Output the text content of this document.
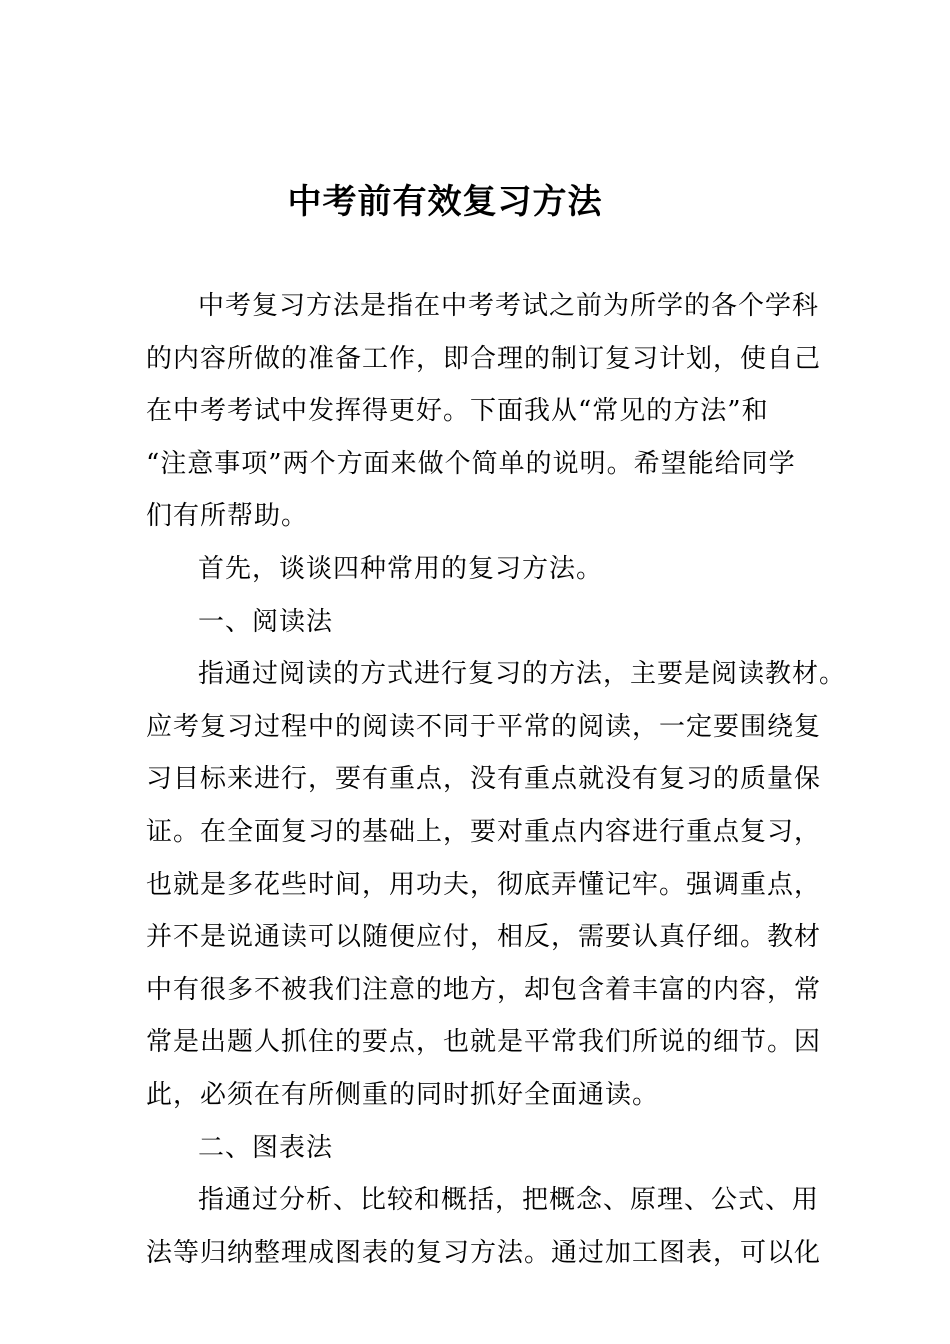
中考前有效复习方法
中考复习方法是指在中考考试之前为所学的各个学科
的内容所做的准备工作，即合理的制订复习计划，使自己
在中考考试中发挥得更好。下面我从“常见的方法”和
“注意事项”两个方面来做个简单的说明。希望能给同学
们有所帮助。
首先，谈谈四种常用的复习方法。
一、阅读法
指通过阅读的方式进行复习的方法，主要是阅读教材。
应考复习过程中的阅读不同于平常的阅读，一定要围绕复
习目标来进行，要有重点，没有重点就没有复习的质量保
证。在全面复习的基础上，要对重点内容进行重点复习，
也就是多花些时间，用功夫，彻底弄懂记牢。强调重点，
并不是说通读可以随便应付，相反，需要认真仔细。教材
中有很多不被我们注意的地方，却包含着丰富的内容，常
常是出题人抓住的要点，也就是平常我们所说的细节。因
此，必须在有所侧重的同时抓好全面通读。
二、图表法
指通过分析、比较和概括，把概念、原理、公式、用
法等归纳整理成图表的复习方法。通过加工图表，可以化
